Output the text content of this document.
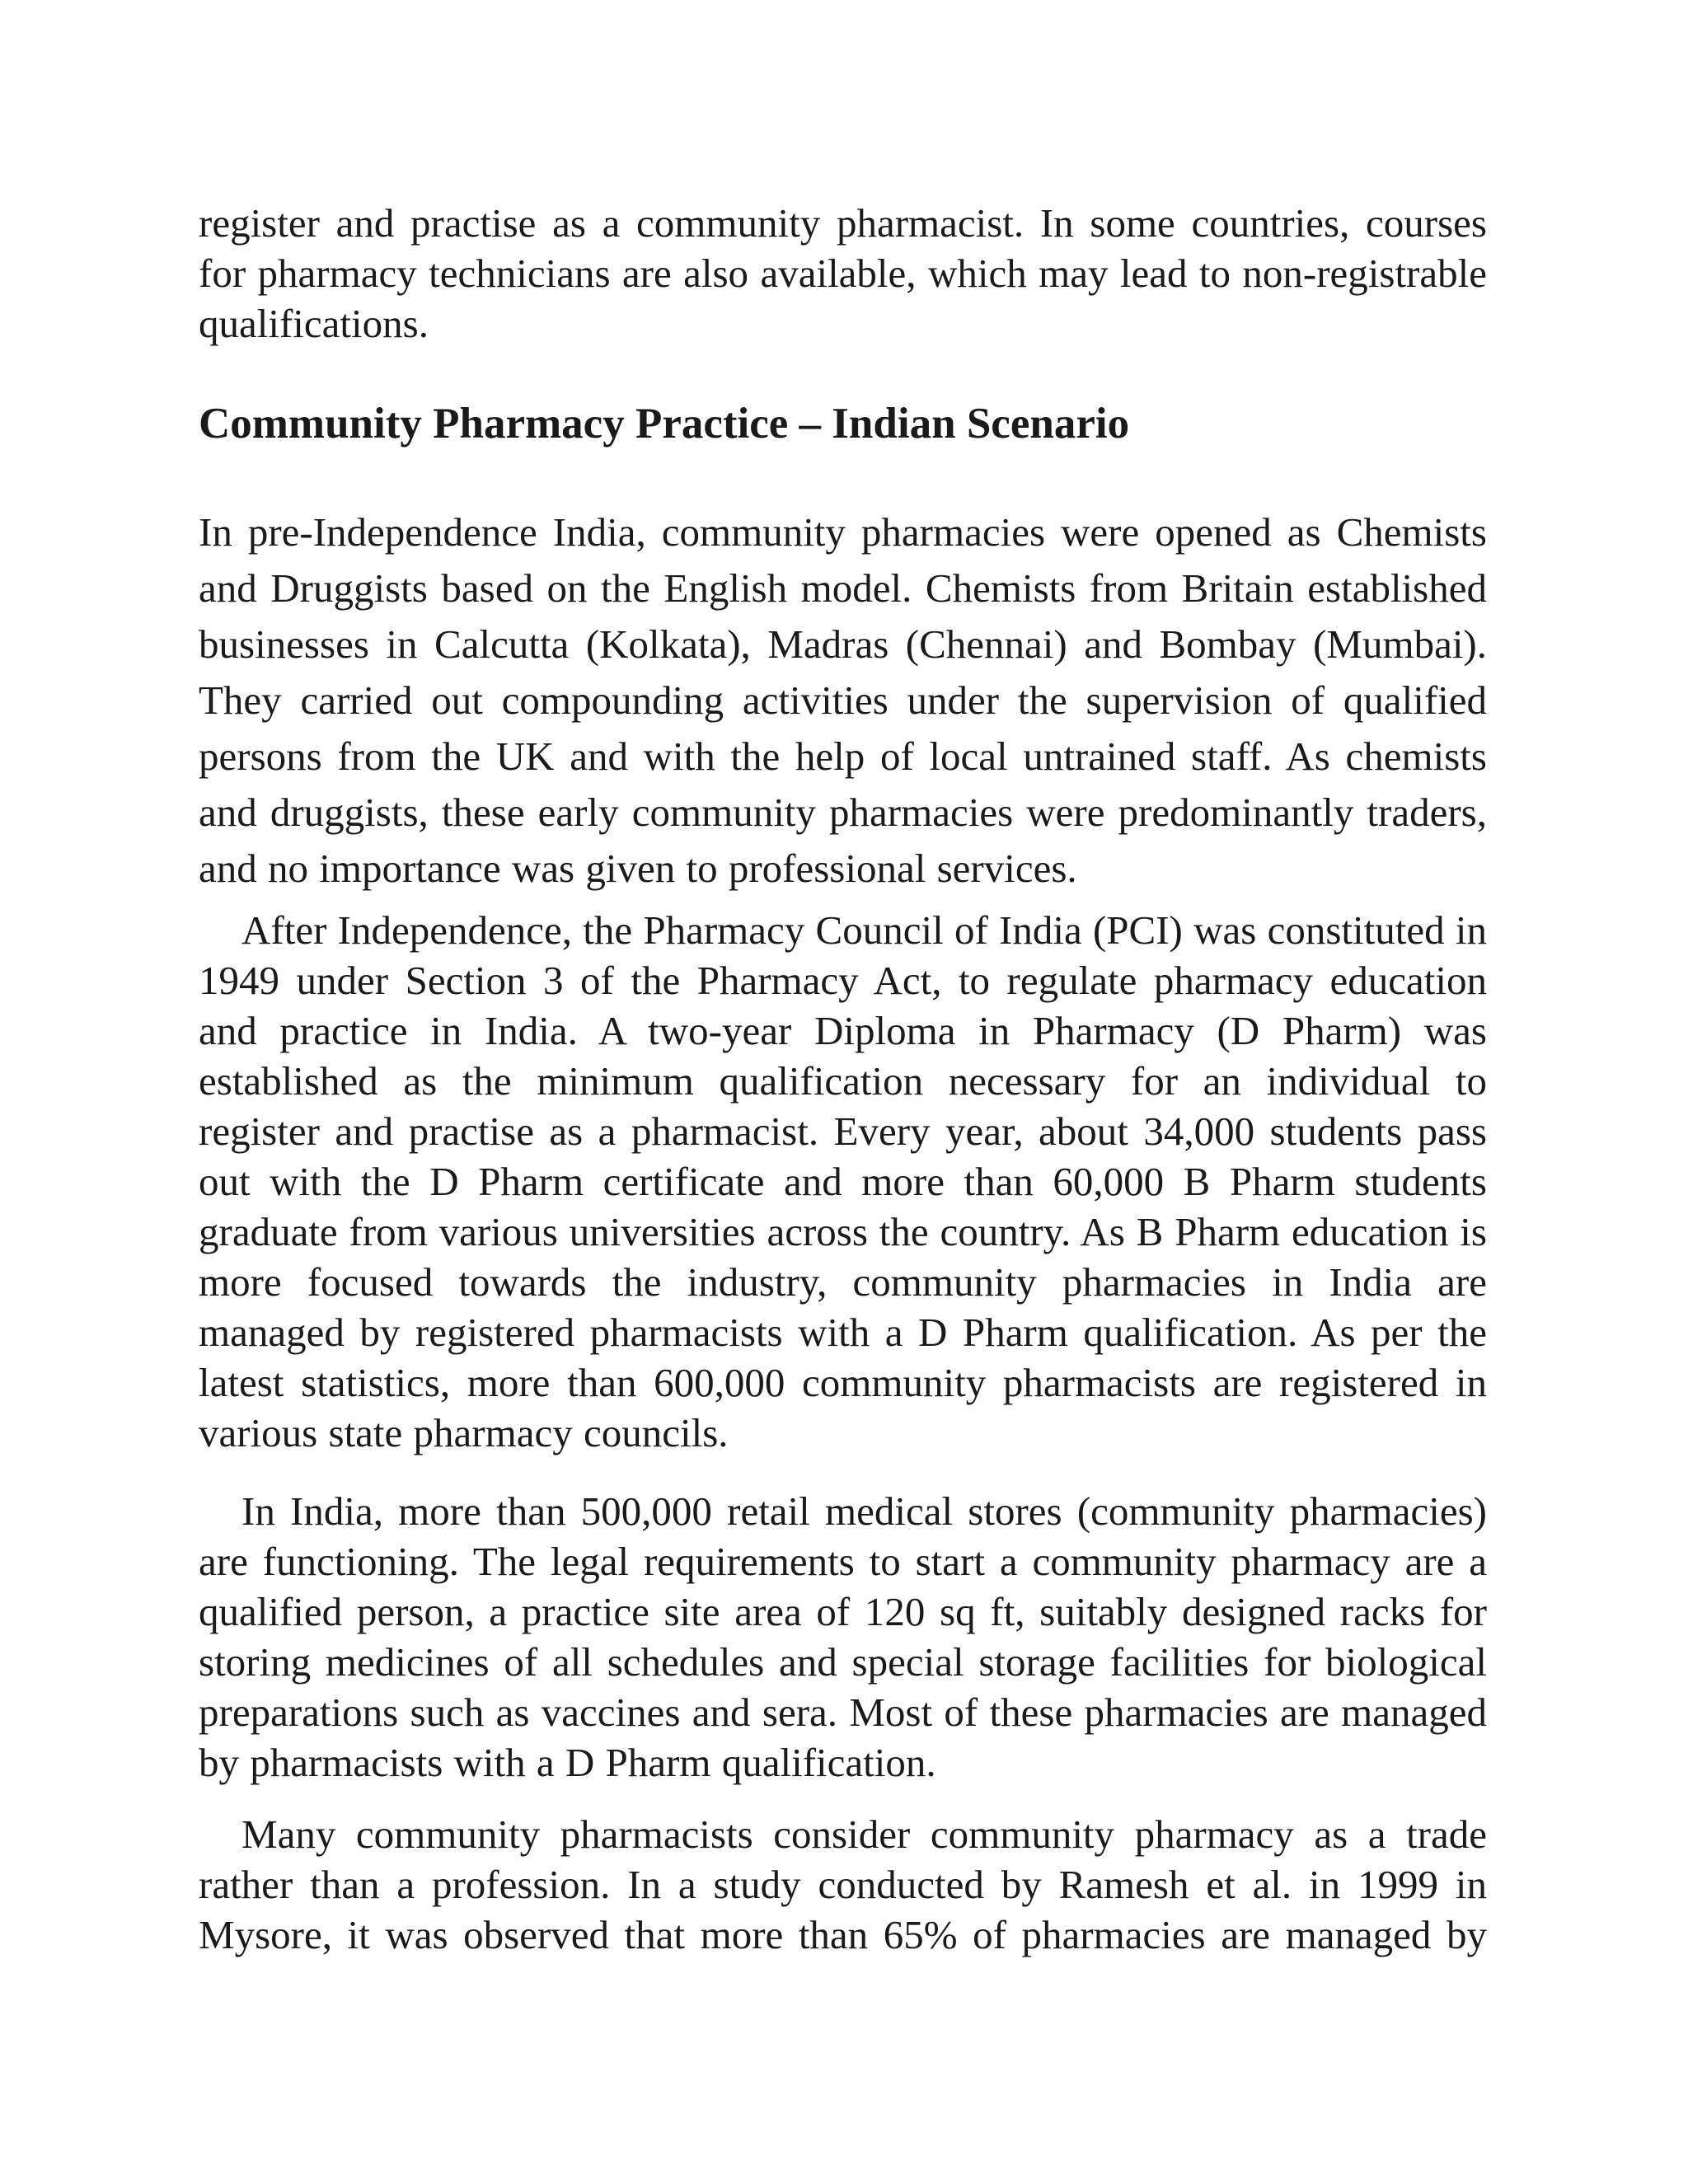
register and practise as a community pharmacist. In some countries, courses for pharmacy technicians are also available, which may lead to non-registrable qualifications.

Community Pharmacy Practice – Indian Scenario

In pre-Independence India, community pharmacies were opened as Chemists and Druggists based on the English model. Chemists from Britain established businesses in Calcutta (Kolkata), Madras (Chennai) and Bombay (Mumbai). They carried out compounding activities under the supervision of qualified persons from the UK and with the help of local untrained staff. As chemists and druggists, these early community pharmacies were predominantly traders, and no importance was given to professional services.

After Independence, the Pharmacy Council of India (PCI) was constituted in 1949 under Section 3 of the Pharmacy Act, to regulate pharmacy education and practice in India. A two-year Diploma in Pharmacy (D Pharm) was established as the minimum qualification necessary for an individual to register and practise as a pharmacist. Every year, about 34,000 students pass out with the D Pharm certificate and more than 60,000 B Pharm students graduate from various universities across the country. As B Pharm education is more focused towards the industry, community pharmacies in India are managed by registered pharmacists with a D Pharm qualification. As per the latest statistics, more than 600,000 community pharmacists are registered in various state pharmacy councils.

In India, more than 500,000 retail medical stores (community pharmacies) are functioning. The legal requirements to start a community pharmacy are a qualified person, a practice site area of 120 sq ft, suitably designed racks for storing medicines of all schedules and special storage facilities for biological preparations such as vaccines and sera. Most of these pharmacies are managed by pharmacists with a D Pharm qualification.

Many community pharmacists consider community pharmacy as a trade rather than a profession. In a study conducted by Ramesh et al. in 1999 in Mysore, it was observed that more than 65% of pharmacies are managed by
